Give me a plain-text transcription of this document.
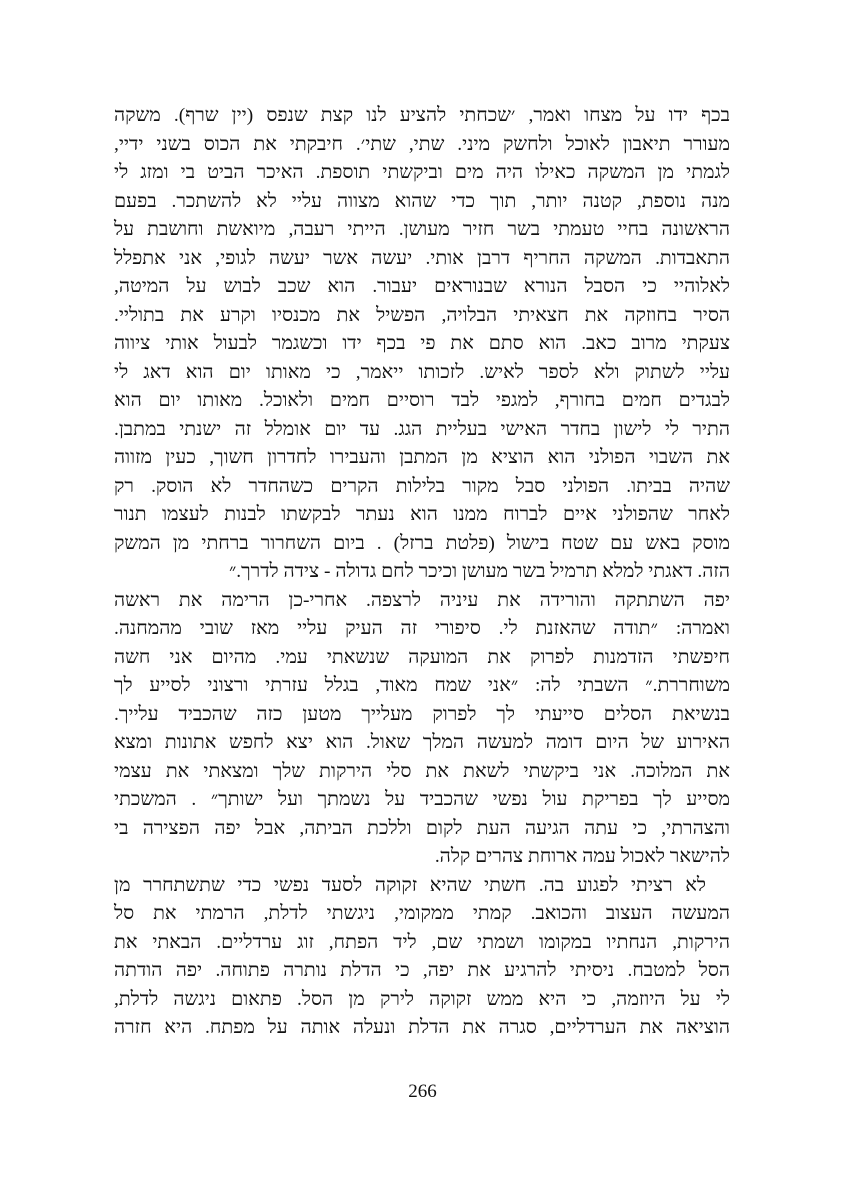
בכף ידו על מצחו ואמר, ׳שכחתי להציע לנו קצת שנפס (יין שרף). משקה
מעורר תיאבון לאוכל ולחשק מיני. שתי, שתי׳. חיבקתי את הכוס בשני ידיי,
לגמתי מן המשקה כאילו היה מים וביקשתי תוספת. האיכר הביט בי ומזג לי
מנה נוספת, קטנה יותר, תוך כדי שהוא מצווה עליי לא להשתכר. בפעם
הראשונה בחיי טעמתי בשר חזיר מעושן. הייתי רעבה, מיואשת וחושבת על
התאבדות. המשקה החריף דרבן אותי. יעשה אשר יעשה לגופי, אני אתפלל
לאלוהיי כי הסבל הנורא שבנוראים יעבור. הוא שכב לבוש על המיטה,
הסיר בחוזקה את חצאיתי הבלויה, הפשיל את מכנסיו וקרע את בתוליי.
צעקתי מרוב כאב. הוא סתם את פי בכף ידו וכשגמר לבעול אותי ציווה
עליי לשתוק ולא לספר לאיש. לזכותו ייאמר, כי מאותו יום הוא דאג לי
לבגדים חמים בחורף, למגפי לבד רוסיים חמים ולאוכל. מאותו יום הוא
התיר לי לישון בחדר האישי בעליית הגג. עד יום אומלל זה ישנתי במתבן.
את השבוי הפולני הוא הוציא מן המתבן והעבירו לחדרון חשוך, כעין מזווה
שהיה בביתו. הפולני סבל מקור בלילות הקרים כשהחדר לא הוסק. רק
לאחר שהפולני איים לברוח ממנו הוא נעתר לבקשתו לבנות לעצמו תנור
מוסק באש עם שטח בישול (פלטת ברזל) . ביום השחרור ברחתי מן המשק
הזה. דאגתי למלא תרמיל בשר מעושן וכיכר לחם גדולה - צידה לדרך.״
יפה השתתקה והורידה את עיניה לרצפה. אחרי-כן הרימה את ראשה
ואמרה: ״תודה שהאזנת לי. סיפורי זה העיק עליי מאז שובי מהמחנה.
חיפשתי הזדמנות לפרוק את המועקה שנשאתי עמי. מהיום אני חשה
משוחררת.״ השבתי לה: ״אני שמח מאוד, בגלל עזרתי ורצוני לסייע לך
בנשיאת הסלים סייעתי לך לפרוק מעלייך מטען כזה שהכביד עלייך.
האירוע של היום דומה למעשה המלך שאול. הוא יצא לחפש אתונות ומצא
את המלוכה. אני ביקשתי לשאת את סלי הירקות שלך ומצאתי את עצמי
מסייע לך בפריקת עול נפשי שהכביד על נשמתך ועל ישותך״ . המשכתי
והצהרתי, כי עתה הגיעה העת לקום וללכת הביתה, אבל יפה הפצירה בי
להישאר לאכול עמה ארוחת צהרים קלה.
לא רציתי לפגוע בה. חשתי שהיא זקוקה לסעד נפשי כדי שתשתחרר מן
המעשה העצוב והכואב. קמתי ממקומי, ניגשתי לדלת, הרמתי את סל
הירקות, הנחתיו במקומו ושמתי שם, ליד הפתח, זוג ערדליים. הבאתי את
הסל למטבח. ניסיתי להרגיע את יפה, כי הדלת נותרה פתוחה. יפה הודתה
לי על היוזמה, כי היא ממש זקוקה לירק מן הסל. פתאום ניגשה לדלת,
הוציאה את הערדליים, סגרה את הדלת ונעלה אותה על מפתח. היא חזרה
266
